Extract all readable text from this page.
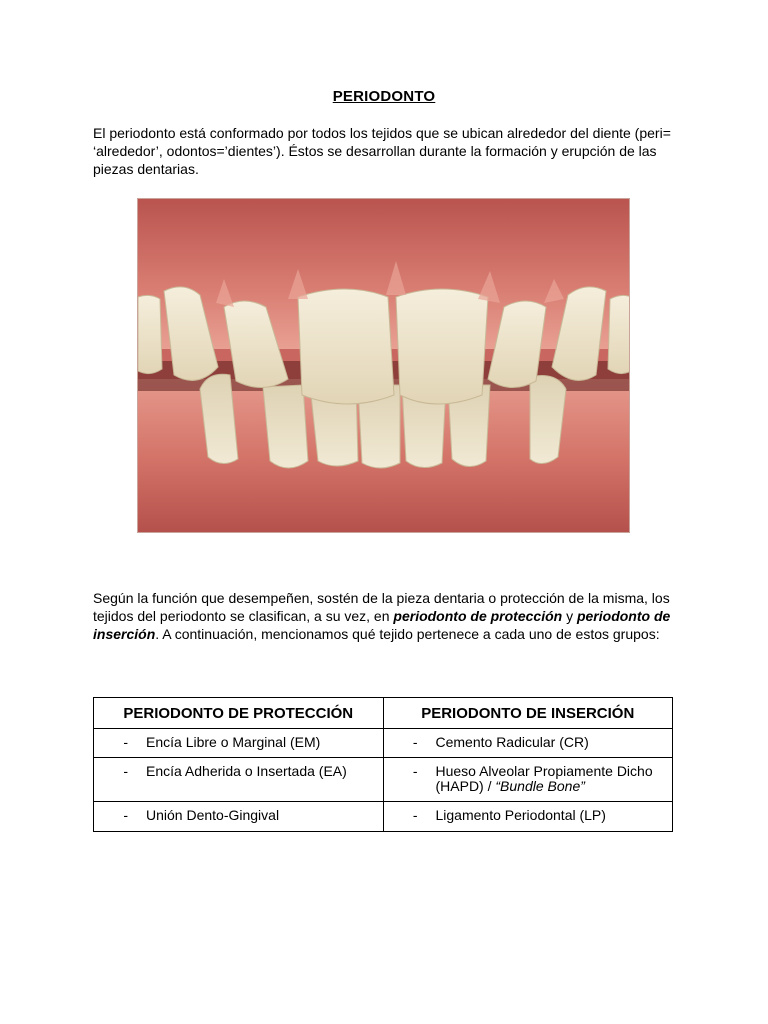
PERIODONTO

El periodonto está conformado por todos los tejidos que se ubican alrededor del diente (peri= ‘alrededor’, odontos=’dientes’). Éstos se desarrollan durante la formación y erupción de las piezas dentarias.

Según la función que desempeñen, sostén de la pieza dentaria o protección de la misma, los tejidos del periodonto se clasifican, a su vez, en periodonto de protección y periodonto de inserción. A continuación, mencionamos qué tejido pertenece a cada uno de estos grupos:

PERIODONTO DE PROTECCIÓN	PERIODONTO DE INSERCIÓN

- Encía Libre o Marginal (EM)	- Cemento Radicular (CR)

- Encía Adherida o Insertada (EA)	- Hueso Alveolar Propiamente Dicho (HAPD) / “Bundle Bone”

- Unión Dento-Gingival	- Ligamento Periodontal (LP)
